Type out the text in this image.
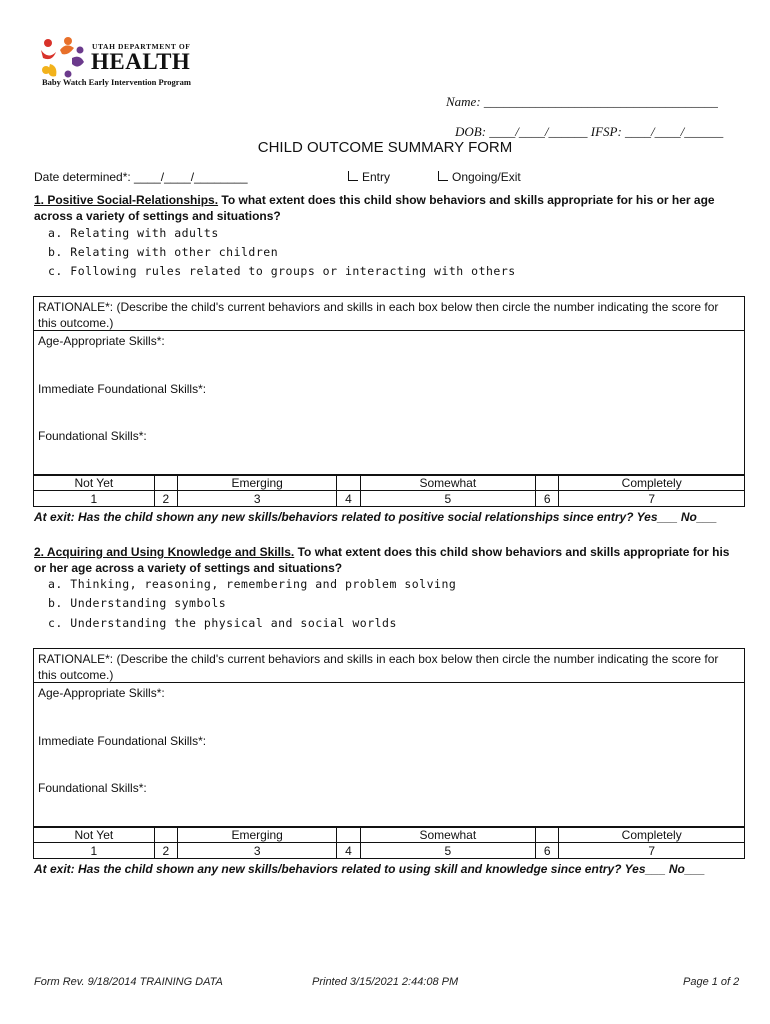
UTAH DEPARTMENT OF
HEALTH
Baby Watch Early Intervention Program
Name: ____________________________________
DOB: ____/____/______ IFSP: ____/____/______
CHILD OUTCOME SUMMARY FORM
Date determined*: ____/____/________	Entry	Ongoing/Exit
1. Positive Social-Relationships. To what extent does this child show behaviors and skills appropriate for his or her age across a variety of settings and situations?
a. Relating with adults
b. Relating with other children
c. Following rules related to groups or interacting with others
RATIONALE*: (Describe the child's current behaviors and skills in each box below then circle the number indicating the score for this outcome.)
Age-Appropriate Skills*:
Immediate Foundational Skills*:
Foundational Skills*:
Not Yet		Emerging		Somewhat		Completely
1	2	3	4	5	6	7
At exit: Has the child shown any new skills/behaviors related to positive social relationships since entry? Yes___ No___
2. Acquiring and Using Knowledge and Skills. To what extent does this child show behaviors and skills appropriate for his or her age across a variety of settings and situations?
a. Thinking, reasoning, remembering and problem solving
b. Understanding symbols
c. Understanding the physical and social worlds
RATIONALE*: (Describe the child's current behaviors and skills in each box below then circle the number indicating the score for this outcome.)
Age-Appropriate Skills*:
Immediate Foundational Skills*:
Foundational Skills*:
Not Yet		Emerging		Somewhat		Completely
1	2	3	4	5	6	7
At exit: Has the child shown any new skills/behaviors related to using skill and knowledge since entry? Yes___ No___
Form Rev. 9/18/2014 TRAINING DATA	Printed 3/15/2021 2:44:08 PM	Page 1 of 2
